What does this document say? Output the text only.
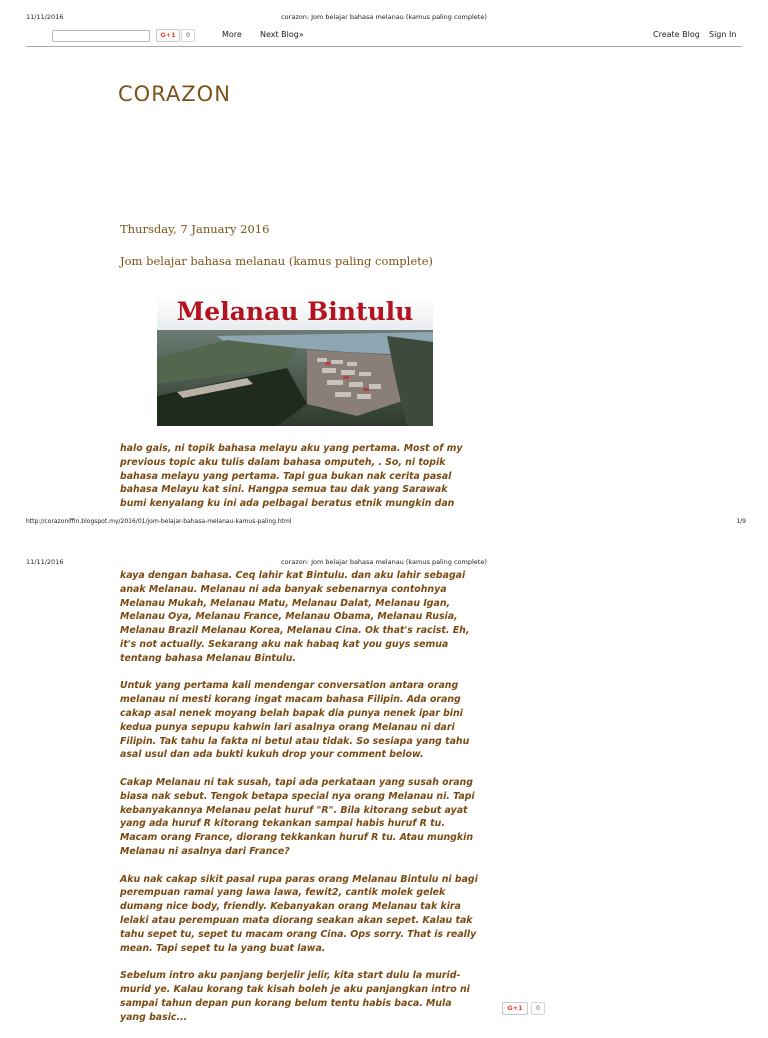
11/11/2016	corazon: Jom belajar bahasa melanau (kamus paling complete)
G+1	0	More Next Blog»	Create Blog Sign In
CORAZON
Thursday, 7 January 2016
Jom belajar bahasa melanau (kamus paling complete)
Melanau Bintulu

halo gais, ni topik bahasa melayu aku yang pertama. Most of my
previous topic aku tulis dalam bahasa omputeh, . So, ni topik
bahasa melayu yang pertama. Tapi gua bukan nak cerita pasal
bahasa Melayu kat sini. Hangpa semua tau dak yang Sarawak
bumi kenyalang ku ini ada pelbagai beratus etnik mungkin dan

http://corazoniffin.blogspot.my/2016/01/jom-belajar-bahasa-melanau-kamus-paling.html	1/9
11/11/2016	corazon: Jom belajar bahasa melanau (kamus paling complete)

kaya dengan bahasa. Ceq lahir kat Bintulu. dan aku lahir sebagai anak Melanau. Melanau ni ada banyak sebenarnya contohnya Melanau Mukah, Melanau Matu, Melanau Dalat, Melanau Igan, Melanau Oya, Melanau France, Melanau Obama, Melanau Rusia, Melanau Brazil Melanau Korea, Melanau Cina. Ok that's racist. Eh, it's not actually. Sekarang aku nak habaq kat you guys semua tentang bahasa Melanau Bintulu.

Untuk yang pertama kali mendengar conversation antara orang melanau ni mesti korang ingat macam bahasa Filipin. Ada orang cakap asal nenek moyang belah bapak dia punya nenek ipar bini kedua punya sepupu kahwin lari asalnya orang Melanau ni dari Filipin. Tak tahu la fakta ni betul atau tidak. So sesiapa yang tahu asal usul dan ada bukti kukuh drop your comment below.

Cakap Melanau ni tak susah, tapi ada perkataan yang susah orang biasa nak sebut. Tengok betapa special nya orang Melanau ni. Tapi kebanyakannya Melanau pelat huruf "R". Bila kitorang sebut ayat yang ada huruf R kitorang tekankan sampai habis huruf R tu. Macam orang France, diorang tekkankan huruf R tu. Atau mungkin Melanau ni asalnya dari France?

Aku nak cakap sikit pasal rupa paras orang Melanau Bintulu ni bagi perempuan ramai yang lawa lawa, fewit2, cantik molek gelek dumang nice body, friendly. Kebanyakan orang Melanau tak kira lelaki atau perempuan mata diorang seakan akan sepet. Kalau tak tahu sepet tu, sepet tu macam orang Cina. Ops sorry. That is really mean. Tapi sepet tu la yang buat lawa.

Sebelum intro aku panjang berjelir jelir, kita start dulu la murid-murid ye. Kalau korang tak kisah boleh je aku panjangkan intro ni sampai tahun depan pun korang belum tentu habis baca. Mula yang basic...

G+1	0
